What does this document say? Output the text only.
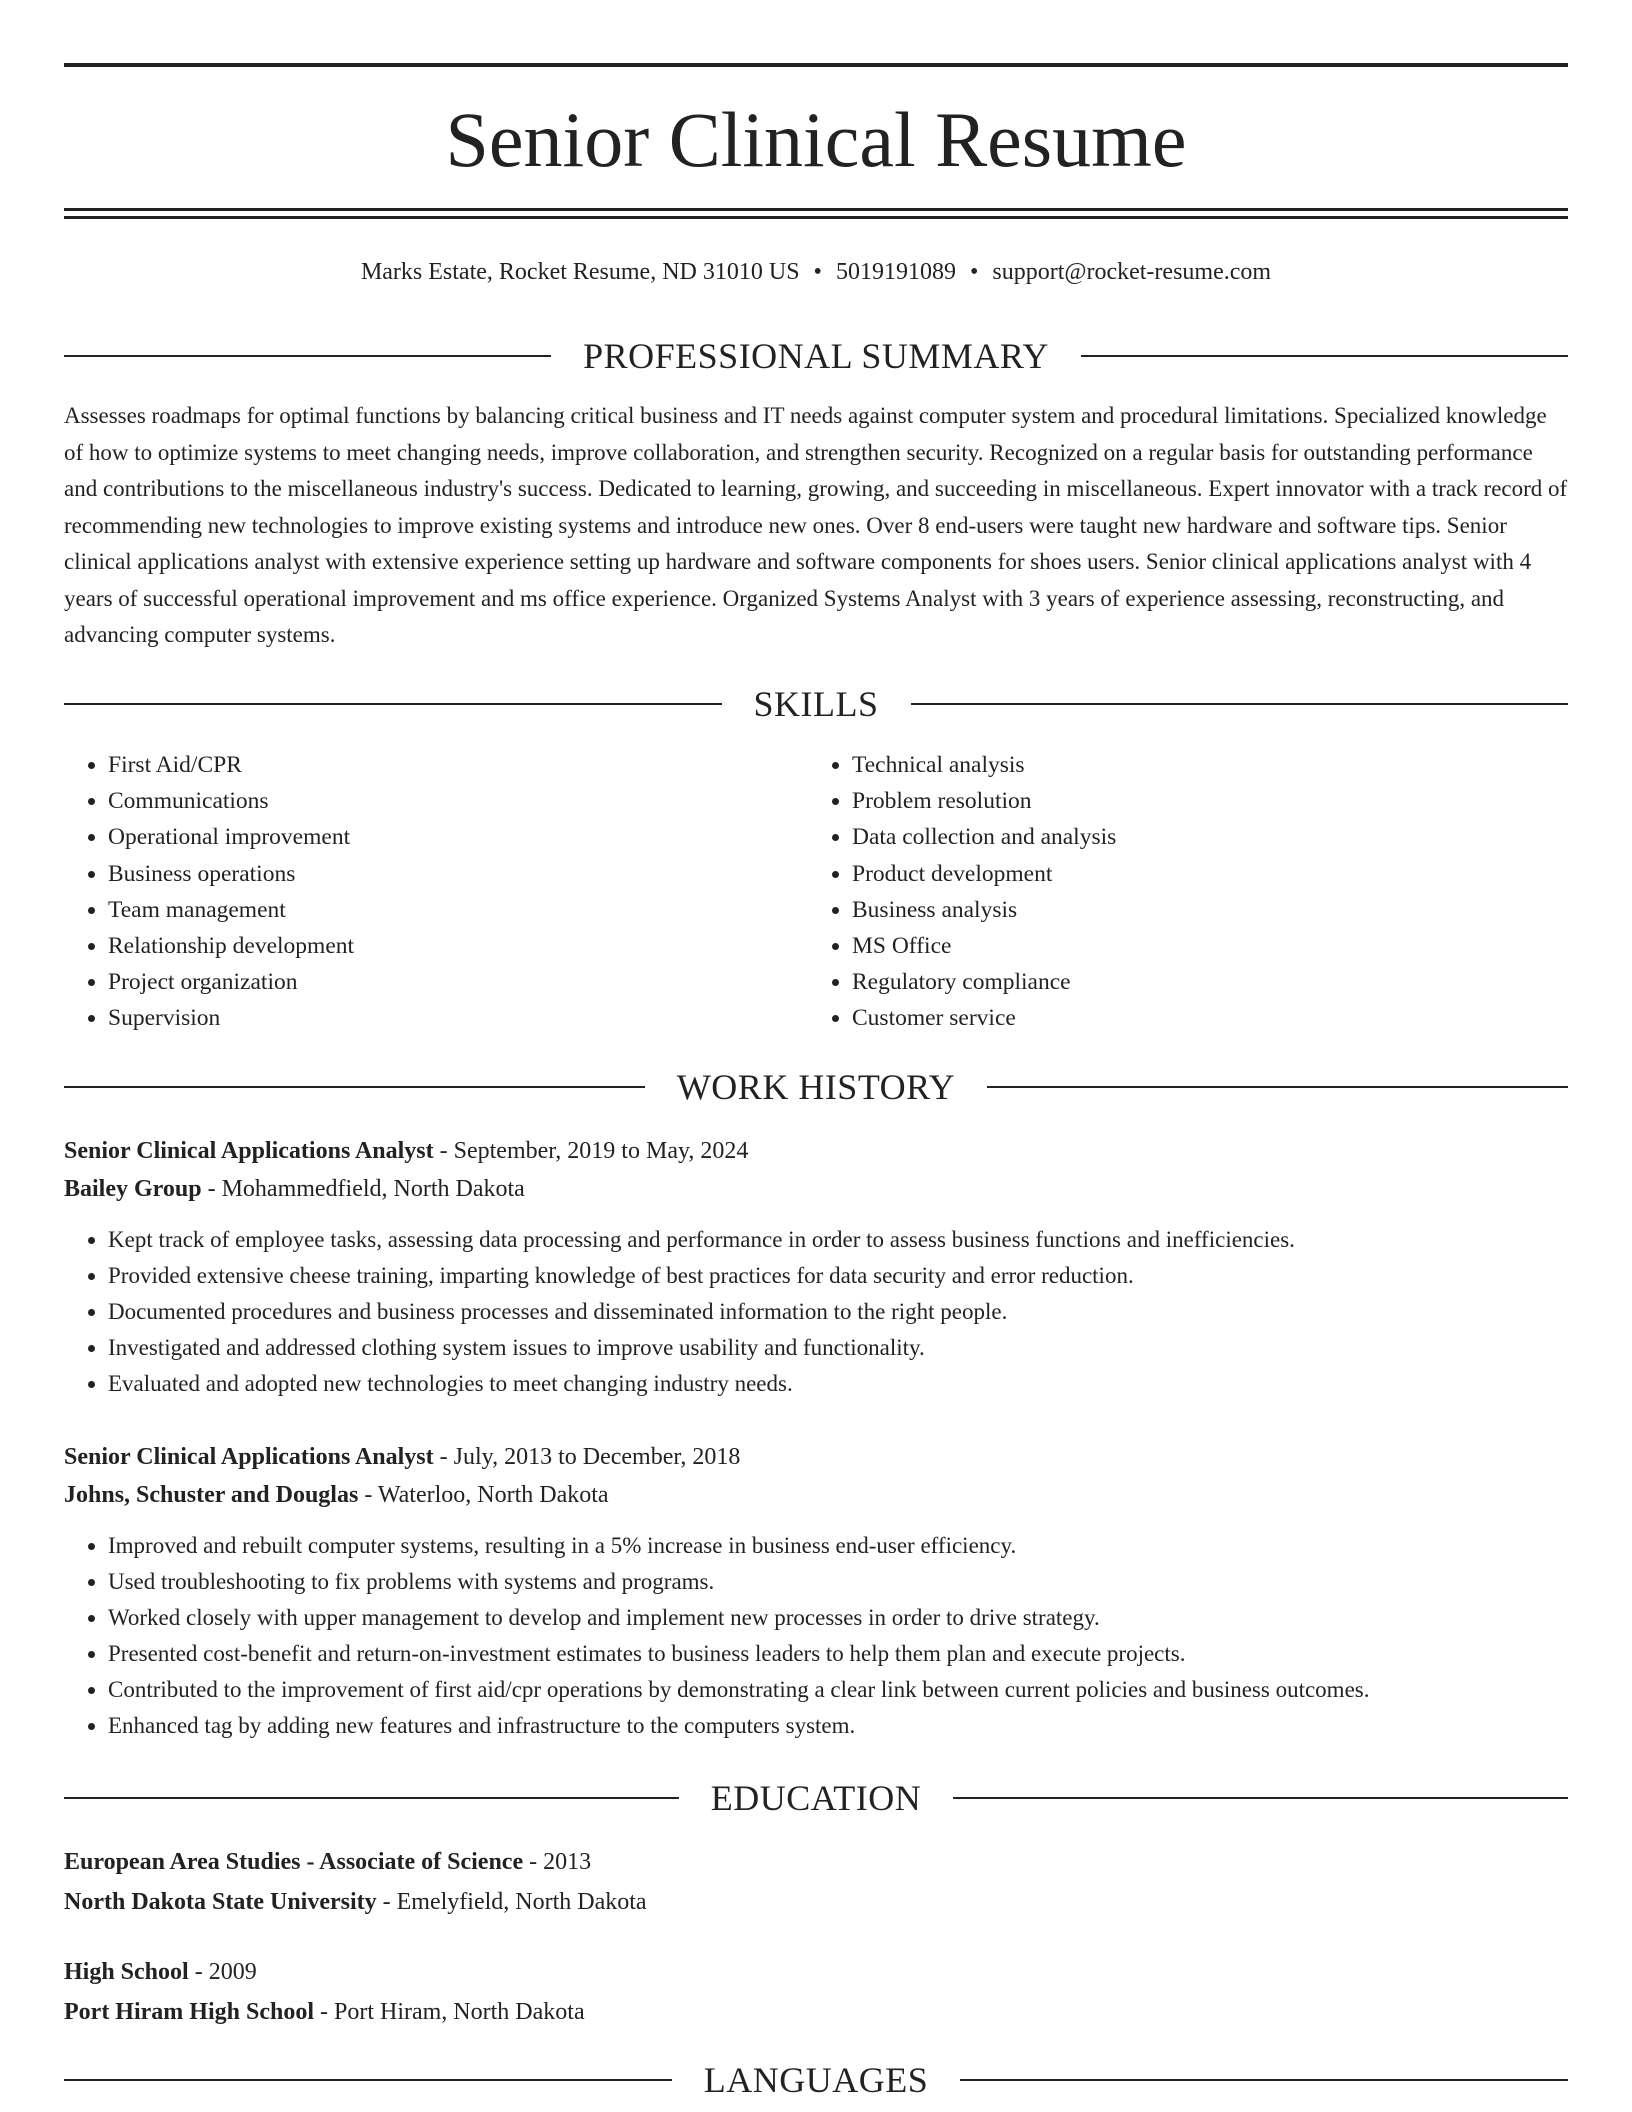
Senior Clinical Resume
Marks Estate, Rocket Resume, ND 31010 US • 5019191089 • support@rocket-resume.com
PROFESSIONAL SUMMARY

Assesses roadmaps for optimal functions by balancing critical business and IT needs against computer system and procedural limitations. Specialized knowledge of how to optimize systems to meet changing needs, improve collaboration, and strengthen security. Recognized on a regular basis for outstanding performance and contributions to the miscellaneous industry's success. Dedicated to learning, growing, and succeeding in miscellaneous. Expert innovator with a track record of recommending new technologies to improve existing systems and introduce new ones. Over 8 end-users were taught new hardware and software tips. Senior clinical applications analyst with extensive experience setting up hardware and software components for shoes users. Senior clinical applications analyst with 4 years of successful operational improvement and ms office experience. Organized Systems Analyst with 3 years of experience assessing, reconstructing, and advancing computer systems.

SKILLS
• First Aid/CPR
• Communications
• Operational improvement
• Business operations
• Team management
• Relationship development
• Project organization
• Supervision
• Technical analysis
• Problem resolution
• Data collection and analysis
• Product development
• Business analysis
• MS Office
• Regulatory compliance
• Customer service
WORK HISTORY
Senior Clinical Applications Analyst - September, 2019 to May, 2024
Bailey Group - Mohammedfield, North Dakota
• Kept track of employee tasks, assessing data processing and performance in order to assess business functions and inefficiencies.
• Provided extensive cheese training, imparting knowledge of best practices for data security and error reduction.
• Documented procedures and business processes and disseminated information to the right people.
• Investigated and addressed clothing system issues to improve usability and functionality.
• Evaluated and adopted new technologies to meet changing industry needs.
Senior Clinical Applications Analyst - July, 2013 to December, 2018
Johns, Schuster and Douglas - Waterloo, North Dakota
• Improved and rebuilt computer systems, resulting in a 5% increase in business end-user efficiency.
• Used troubleshooting to fix problems with systems and programs.
• Worked closely with upper management to develop and implement new processes in order to drive strategy.
• Presented cost-benefit and return-on-investment estimates to business leaders to help them plan and execute projects.
• Contributed to the improvement of first aid/cpr operations by demonstrating a clear link between current policies and business outcomes.
• Enhanced tag by adding new features and infrastructure to the computers system.
EDUCATION
European Area Studies - Associate of Science - 2013
North Dakota State University - Emelyfield, North Dakota
High School - 2009
Port Hiram High School - Port Hiram, North Dakota
LANGUAGES
